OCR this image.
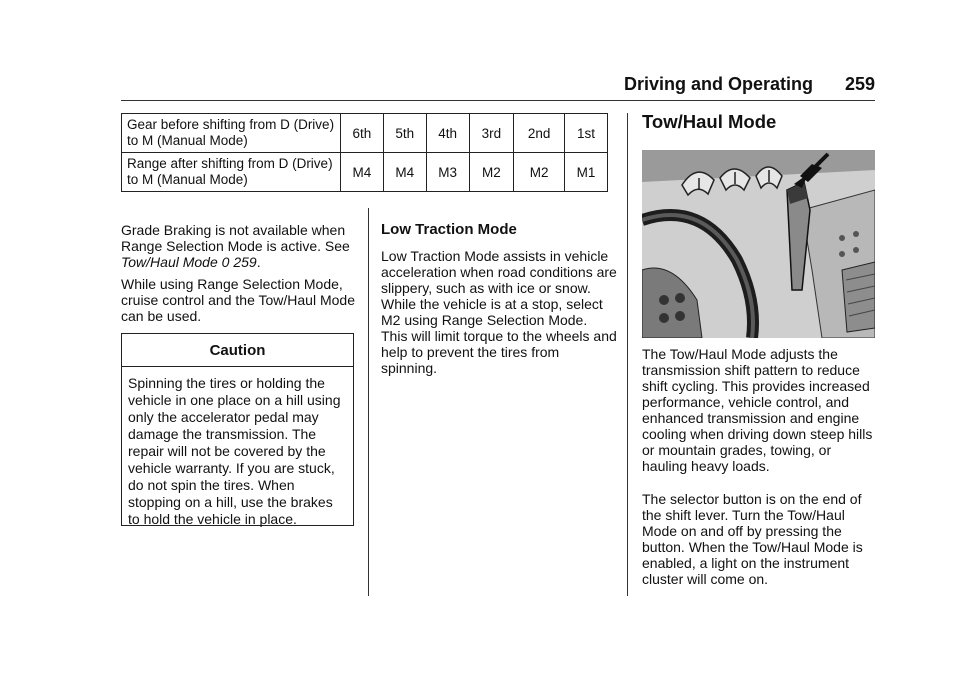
Driving and Operating 259
Gear before shifting from D (Drive) to M (Manual Mode)	6th	5th	4th	3rd	2nd	1st
Range after shifting from D (Drive) to M (Manual Mode)	M4	M4	M3	M2	M2	M1

Grade Braking is not available when Range Selection Mode is active. See Tow/Haul Mode 0 259.

While using Range Selection Mode, cruise control and the Tow/Haul Mode can be used.

Caution
Spinning the tires or holding the vehicle in one place on a hill using only the accelerator pedal may damage the transmission. The repair will not be covered by the vehicle warranty. If you are stuck, do not spin the tires. When stopping on a hill, use the brakes to hold the vehicle in place.
Low Traction Mode

Low Traction Mode assists in vehicle acceleration when road conditions are slippery, such as with ice or snow. While the vehicle is at a stop, select M2 using Range Selection Mode. This will limit torque to the wheels and help to prevent the tires from spinning.

Tow/Haul Mode

The Tow/Haul Mode adjusts the transmission shift pattern to reduce shift cycling. This provides increased performance, vehicle control, and enhanced transmission and engine cooling when driving down steep hills or mountain grades, towing, or hauling heavy loads.

The selector button is on the end of the shift lever. Turn the Tow/Haul Mode on and off by pressing the button. When the Tow/Haul Mode is enabled, a light on the instrument cluster will come on.
